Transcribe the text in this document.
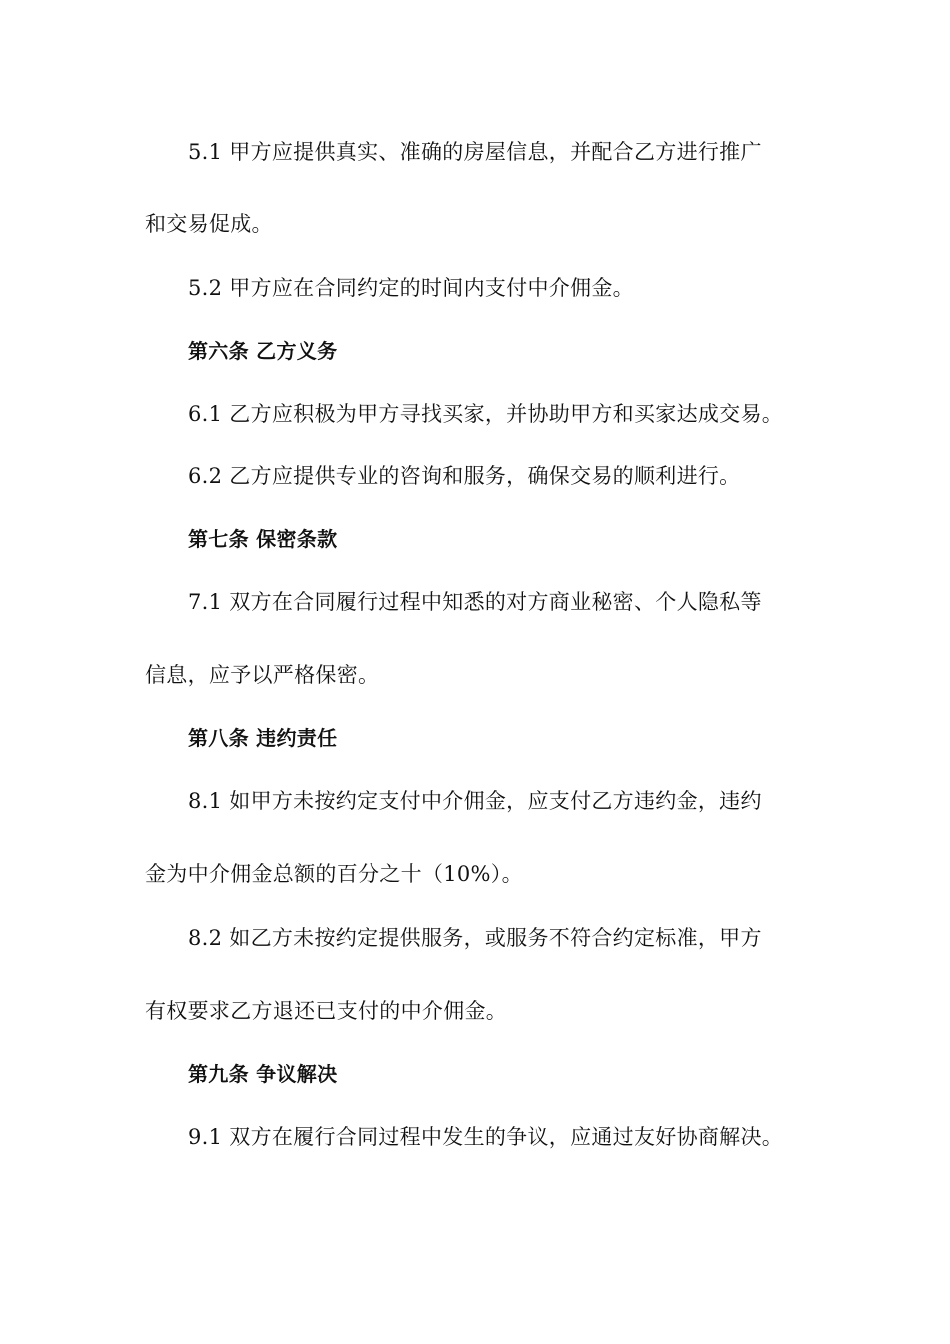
5.1 甲方应提供真实、准确的房屋信息，并配合乙方进行推广
和交易促成。
5.2 甲方应在合同约定的时间内支付中介佣金。
第六条 乙方义务
6.1 乙方应积极为甲方寻找买家，并协助甲方和买家达成交易。
6.2 乙方应提供专业的咨询和服务，确保交易的顺利进行。
第七条 保密条款
7.1 双方在合同履行过程中知悉的对方商业秘密、个人隐私等
信息，应予以严格保密。
第八条 违约责任
8.1 如甲方未按约定支付中介佣金，应支付乙方违约金，违约
金为中介佣金总额的百分之十（10%）。
8.2 如乙方未按约定提供服务，或服务不符合约定标准，甲方
有权要求乙方退还已支付的中介佣金。
第九条 争议解决
9.1 双方在履行合同过程中发生的争议，应通过友好协商解决。
